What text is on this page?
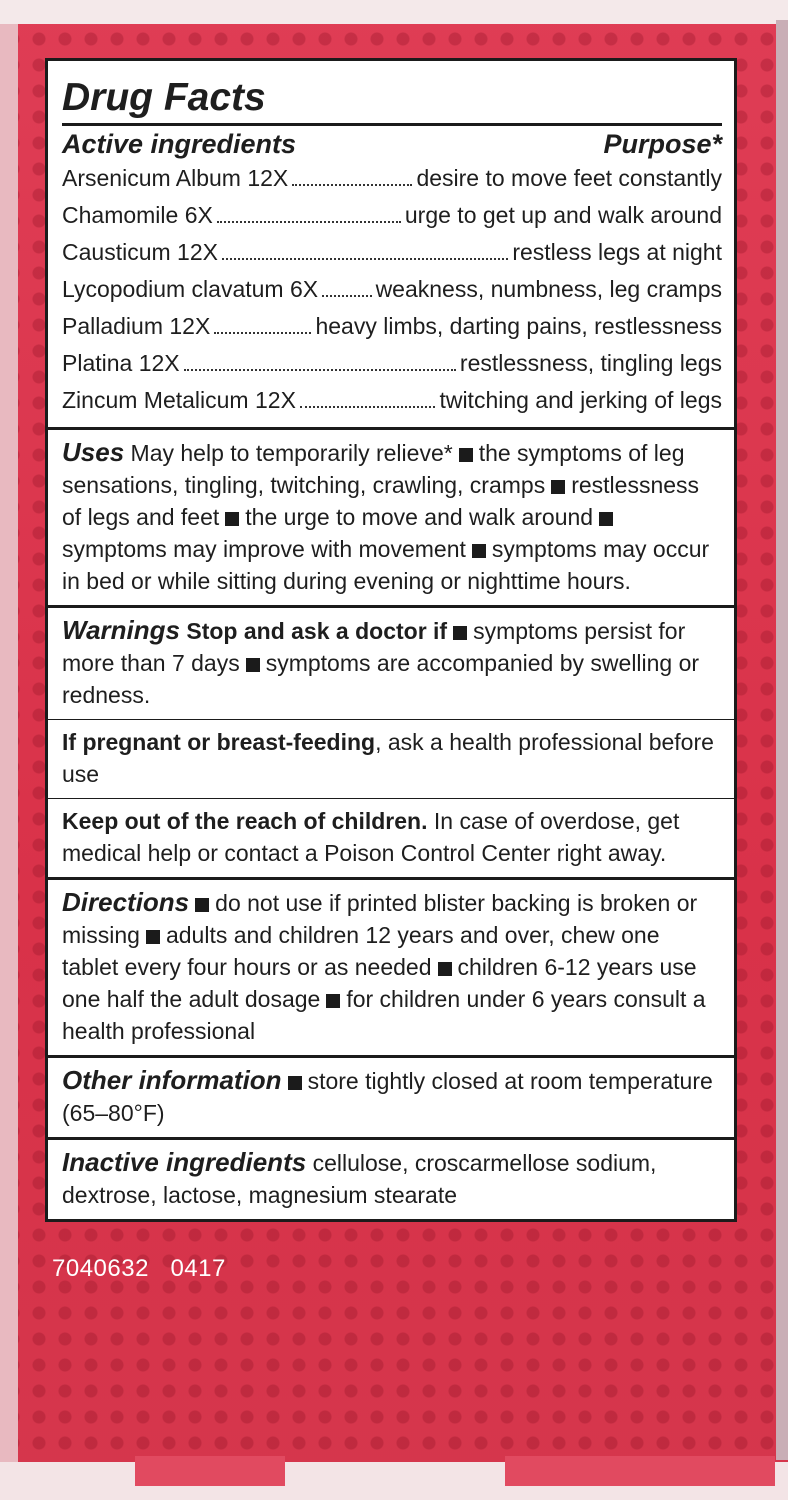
Drug Facts
Active ingredients	Purpose*
Arsenicum Album 12X	desire to move feet constantly
Chamomile 6X	urge to get up and walk around
Causticum 12X	restless legs at night
Lycopodium clavatum 6X weakness, numbness, leg cramps
Palladium 12X	heavy limbs, darting pains, restlessness
Platina 12X	restlessness, tingling legs
Zincum Metalicum 12X	twitching and jerking of legs
Uses May help to temporarily relieve* the symptoms of leg sensations, tingling, twitching, crawling, cramps restlessness of legs and feet the urge to move and walk aroundsymptoms may improve with movement symptoms may occur in bed or while sitting during evening or nighttime hours.
Warnings Stop and ask a doctor if symptoms persist for more than 7 days symptoms are accompanied by swelling or redness.
If pregnant or breast-feeding, ask a health professional before use
Keep out of the reach of children. In case of overdose, get medical help or contact a Poison Control Center right away.
Directions do not use if printed blister backing is broken or missing adults and children 12 years and over, chew one tablet every four hours or as needed children 6-12 years use one half the adult dosage for children under 6 years consult a health professional
Other information store tightly closed at room temperature (65–80°F)
Inactive ingredients cellulose, croscarmellose sodium, dextrose, lactose, magnesium stearate
7040632 0417
